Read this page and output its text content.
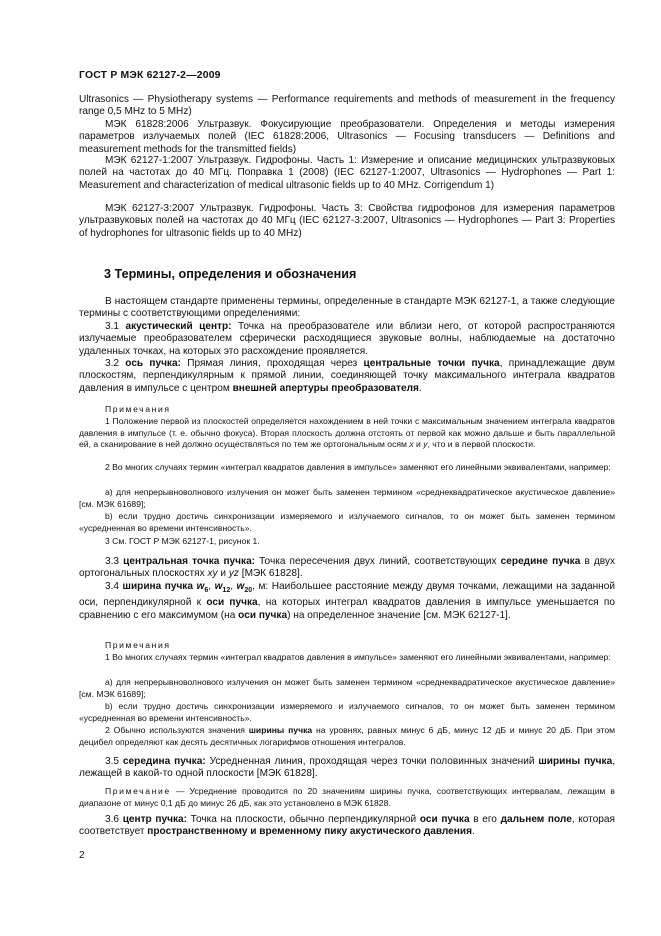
ГОСТ Р МЭК 62127-2—2009

Ultrasonics — Physiotherapy systems — Performance requirements and methods of measurement in the frequency range 0,5 MHz to 5 MHz)

МЭК 61828:2006 Ультразвук. Фокусирующие преобразователи. Определения и методы измерения параметров излучаемых полей (IEC 61828:2006, Ultrasonics — Focusing transducers — Definitions and measurement methods for the transmitted fields)

МЭК 62127-1:2007 Ультразвук. Гидрофоны. Часть 1: Измерение и описание медицинских ультразвуковых полей на частотах до 40 МГц. Поправка 1 (2008) (IEC 62127-1:2007, Ultrasonics — Hydrophones — Part 1: Measurement and characterization of medical ultrasonic fields up to 40 MHz. Corrigendum 1)

МЭК 62127-3:2007 Ультразвук. Гидрофоны. Часть 3: Свойства гидрофонов для измерения параметров ультразвуковых полей на частотах до 40 МГц (IEC 62127-3:2007, Ultrasonics — Hydrophones — Part 3: Properties of hydrophones for ultrasonic fields up to 40 MHz)

3 Термины, определения и обозначения

В настоящем стандарте применены термины, определенные в стандарте МЭК 62127-1, а также следующие термины с соответствующими определениями:

3.1 акустический центр: Точка на преобразователе или вблизи него, от которой распространяются излучаемые преобразователем сферически расходящиеся звуковые волны, наблюдаемые на достаточно удаленных точках, на которых это расхождение проявляется.

3.2 ось пучка: Прямая линия, проходящая через центральные точки пучка, принадлежащие двум плоскостям, перпендикулярным к прямой линии, соединяющей точку максимального интеграла квадратов давления в импульсе с центром внешней апертуры преобразователя.

Примечания

1 Положение первой из плоскостей определяется нахождением в ней точки с максимальным значением интеграла квадратов давления в импульсе (т. е. обычно фокуса). Вторая плоскость должна отстоять от первой как можно дальше и быть параллельной ей, а сканирование в ней должно осуществляться по тем же ортогональным осям x и y, что и в первой плоскости.

2 Во многих случаях термин «интеграл квадратов давления в импульсе» заменяют его линейными эквивалентами, например:

а) для непрерывноволнового излучения он может быть заменен термином «среднеквадратическое акустическое давление» [см. МЭК 61689];

b) если трудно достичь синхронизации измеряемого и излучаемого сигналов, то он может быть заменен термином «усредненная во времени интенсивность».

3 См. ГОСТ Р МЭК 62127-1, рисунок 1.

3.3 центральная точка пучка: Точка пересечения двух линий, соответствующих середине пучка в двух ортогональных плоскостях xy и yz [МЭК 61828].

3.4 ширина пучка $w_6$, $w_{12}$, $w_{20}$, м: Наибольшее расстояние между двумя точками, лежащими на заданной оси, перпендикулярной к оси пучка, на которых интеграл квадратов давления в импульсе уменьшается по сравнению с его максимумом (на оси пучка) на определенное значение [см. МЭК 62127-1].

Примечания

1 Во многих случаях термин «интеграл квадратов давления в импульсе» заменяют его линейными эквивалентами, например:

а) для непрерывноволнового излучения он может быть заменен термином «среднеквадратическое акустическое давление» [см. МЭК 61689];

b) если трудно достичь синхронизации измеряемого и излучаемого сигналов, то он может быть заменен термином «усредненная во времени интенсивность».

2 Обычно используются значения ширины пучка на уровнях, равных минус 6 дБ, минус 12 дБ и минус 20 дБ. При этом децибел определяют как десять десятичных логарифмов отношения интегралов.

3.5 середина пучка: Усредненная линия, проходящая через точки половинных значений ширины пучка, лежащей в какой-то одной плоскости [МЭК 61828].

Примечание — Усреднение проводится по 20 значениям ширины пучка, соответствующих интервалам, лежащим в диапазоне от минус 0,1 дБ до минус 26 дБ, как это установлено в МЭК 61828.

3.6 центр пучка: Точка на плоскости, обычно перпендикулярной оси пучка в его дальнем поле, которая соответствует пространственному и временному пику акустического давления.

2
